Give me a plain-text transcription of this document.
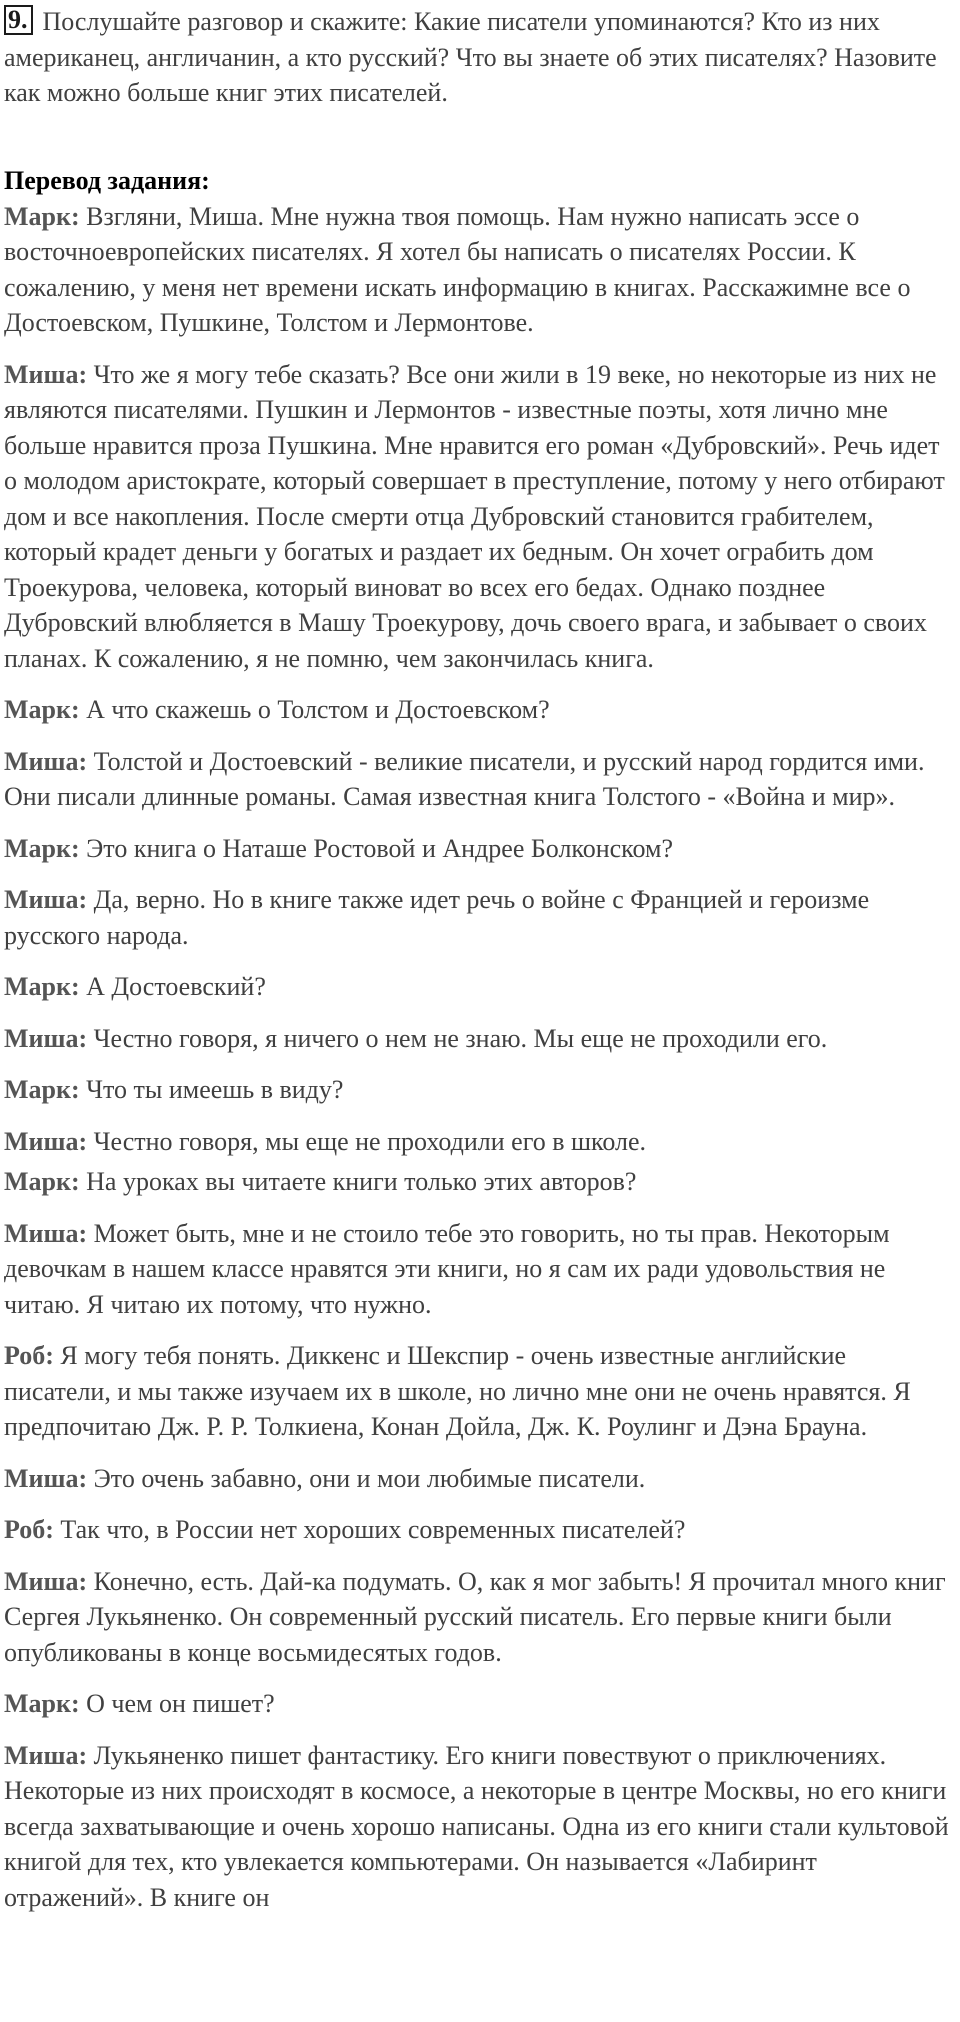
9. Послушайте разговор и скажите: Какие писатели упоминаются? Кто из них американец, англичанин, а кто русский? Что вы знаете об этих писателях? Назовите как можно больше книг этих писателей.

Перевод задания:

Марк: Взгляни, Миша. Мне нужна твоя помощь. Нам нужно написать эссе о восточноевропейских писателях. Я хотел бы написать о писателях России. К сожалению, у меня нет времени искать информацию в книгах. Расскажимне все о Достоевском, Пушкине, Толстом и Лермонтове.

Миша: Что же я могу тебе сказать? Все они жили в 19 веке, но некоторые из них не являются писателями. Пушкин и Лермонтов - известные поэты, хотя лично мне больше нравится проза Пушкина. Мне нравится его роман «Дубровский». Речь идет о молодом аристократе, который совершает в преступление, потому у него отбирают дом и все накопления. После смерти отца Дубровский становится грабителем, который крадет деньги у богатых и раздает их бедным. Он хочет ограбить дом Троекурова, человека, который виноват во всех его бедах. Однако позднее Дубровский влюбляется в Машу Троекурову, дочь своего врага, и забывает о своих планах. К сожалению, я не помню, чем закончилась книга.

Марк: А что скажешь о Толстом и Достоевском?

Миша: Толстой и Достоевский - великие писатели, и русский народ гордится ими. Они писали длинные романы. Самая известная книга Толстого - «Война и мир».

Марк: Это книга о Наташе Ростовой и Андрее Болконском?

Миша: Да, верно. Но в книге также идет речь о войне с Францией и героизме русского народа.

Марк: А Достоевский?

Миша: Честно говоря, я ничего о нем не знаю. Мы еще не проходили его.

Марк: Что ты имеешь в виду?

Миша: Честно говоря, мы еще не проходили его в школе.

Марк: На уроках вы читаете книги только этих авторов?

Миша: Может быть, мне и не стоило тебе это говорить, но ты прав. Некоторым девочкам в нашем классе нравятся эти книги, но я сам их ради удовольствия не читаю. Я читаю их потому, что нужно.

Роб: Я могу тебя понять. Диккенс и Шекспир - очень известные английские писатели, и мы также изучаем их в школе, но лично мне они не очень нравятся. Я предпочитаю Дж. Р. Р. Толкиена, Конан Дойла, Дж. К. Роулинг и Дэна Брауна.

Миша: Это очень забавно, они и мои любимые писатели.

Роб: Так что, в России нет хороших современных писателей?

Миша: Конечно, есть. Дай-ка подумать. О, как я мог забыть! Я прочитал много книг Сергея Лукьяненко. Он современный русский писатель. Его первые книги были опубликованы в конце восьмидесятых годов.

Марк: О чем он пишет?

Миша: Лукьяненко пишет фантастику. Его книги повествуют о приключениях. Некоторые из них происходят в космосе, а некоторые в центре Москвы, но его книги всегда захватывающие и очень хорошо написаны. Одна из его книги стали культовой книгой для тех, кто увлекается компьютерами. Он называется «Лабиринт отражений». В книге он
